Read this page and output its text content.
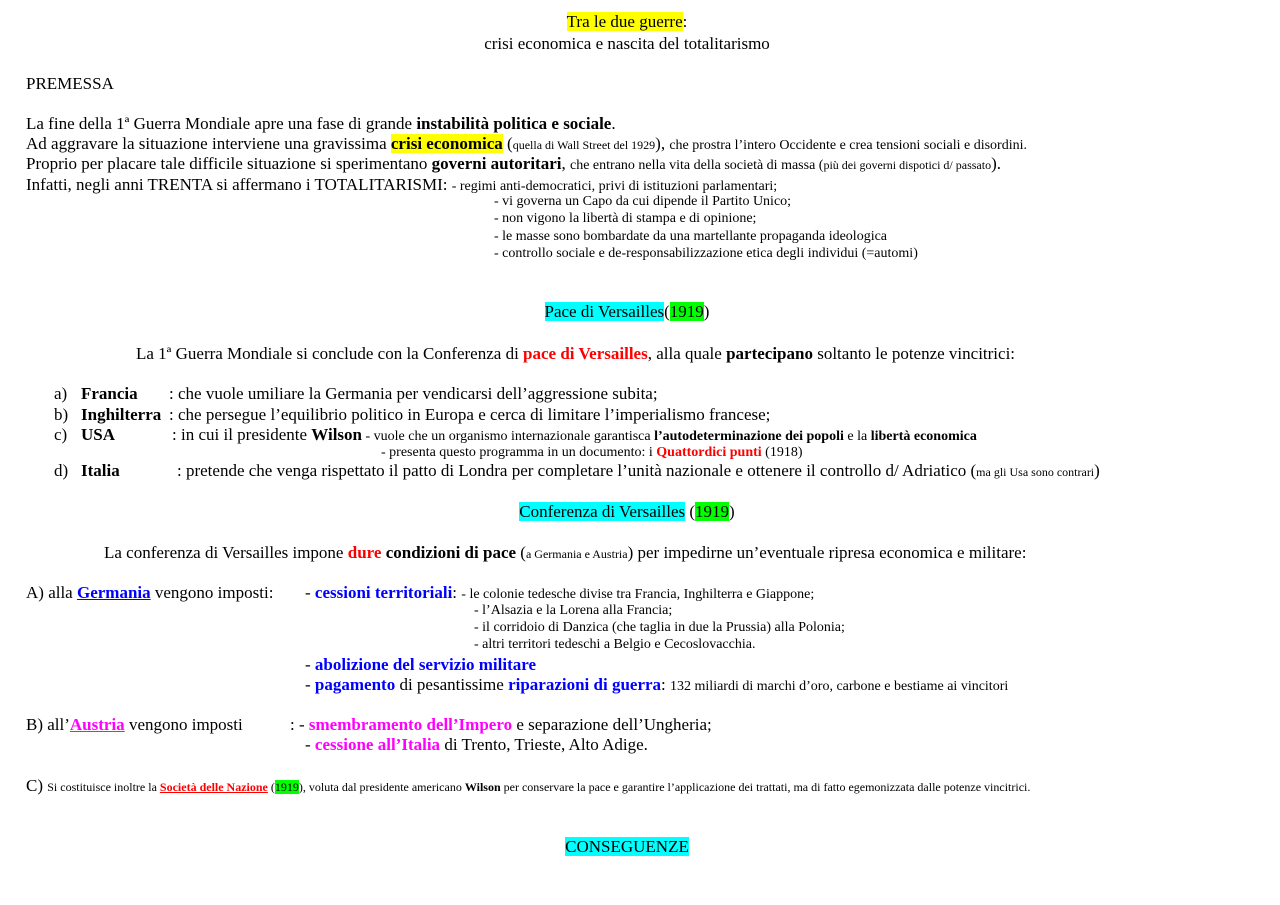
Tra le due guerre:
crisi economica e nascita del totalitarismo
PREMESSA
La fine della 1ª Guerra Mondiale apre una fase di grande instabilità politica e sociale.
Ad aggravare la situazione interviene una gravissima crisi economica (quella di Wall Street del 1929), che prostra l’intero Occidente e crea tensioni sociali e disordini.
Proprio per placare tale difficile situazione si sperimentano governi autoritari, che entrano nella vita della società di massa (più dei governi dispotici d/ passato).
Infatti, negli anni TRENTA si affermano i TOTALITARISMI: - regimi anti-democratici, privi di istituzioni parlamentari;
- vi governa un Capo da cui dipende il Partito Unico;
- non vigono la libertà di stampa e di opinione;
- le masse sono bombardate da una martellante propaganda ideologica
- controllo sociale e de-responsabilizzazione etica degli individui (=automi)
Pace di Versailles(1919)
La 1ª Guerra Mondiale si conclude con la Conferenza di pace di Versailles, alla quale partecipano soltanto le potenze vincitrici:
a) Francia : che vuole umiliare la Germania per vendicarsi dell’aggressione subita;
b) Inghilterra : che persegue l’equilibrio politico in Europa e cerca di limitare l’imperialismo francese;
c) USA	: in cui il presidente Wilson - vuole che un organismo internazionale garantisca l’autodeterminazione dei popoli e la libertà economica
- presenta questo programma in un documento: i Quattordici punti (1918)
d) Italia	: pretende che venga rispettato il patto di Londra per completare l’unità nazionale e ottenere il controllo d/ Adriatico (ma gli Usa sono contrari)
Conferenza di Versailles (1919)
La conferenza di Versailles impone dure condizioni di pace (a Germania e Austria) per impedirne un’eventuale ripresa economica e militare:
A) alla Germania vengono imposti: - cessioni territoriali: - le colonie tedesche divise tra Francia, Inghilterra e Giappone;
- l’Alsazia e la Lorena alla Francia;
- il corridoio di Danzica (che taglia in due la Prussia) alla Polonia;
- altri territori tedeschi a Belgio e Cecoslovacchia.
- abolizione del servizio militare
- pagamento di pesantissime riparazioni di guerra: 132 miliardi di marchi d’oro, carbone e bestiame ai vincitori
B) all’Austria vengono imposti	: - smembramento dell’Impero e separazione dell’Ungheria;
- cessione all’Italia di Trento, Trieste, Alto Adige.
C) Si costituisce inoltre la Società delle Nazione (1919), voluta dal presidente americano Wilson per conservare la pace e garantire l’applicazione dei trattati, ma di fatto egemonizzata dalle potenze vincitrici.
CONSEGUENZE
